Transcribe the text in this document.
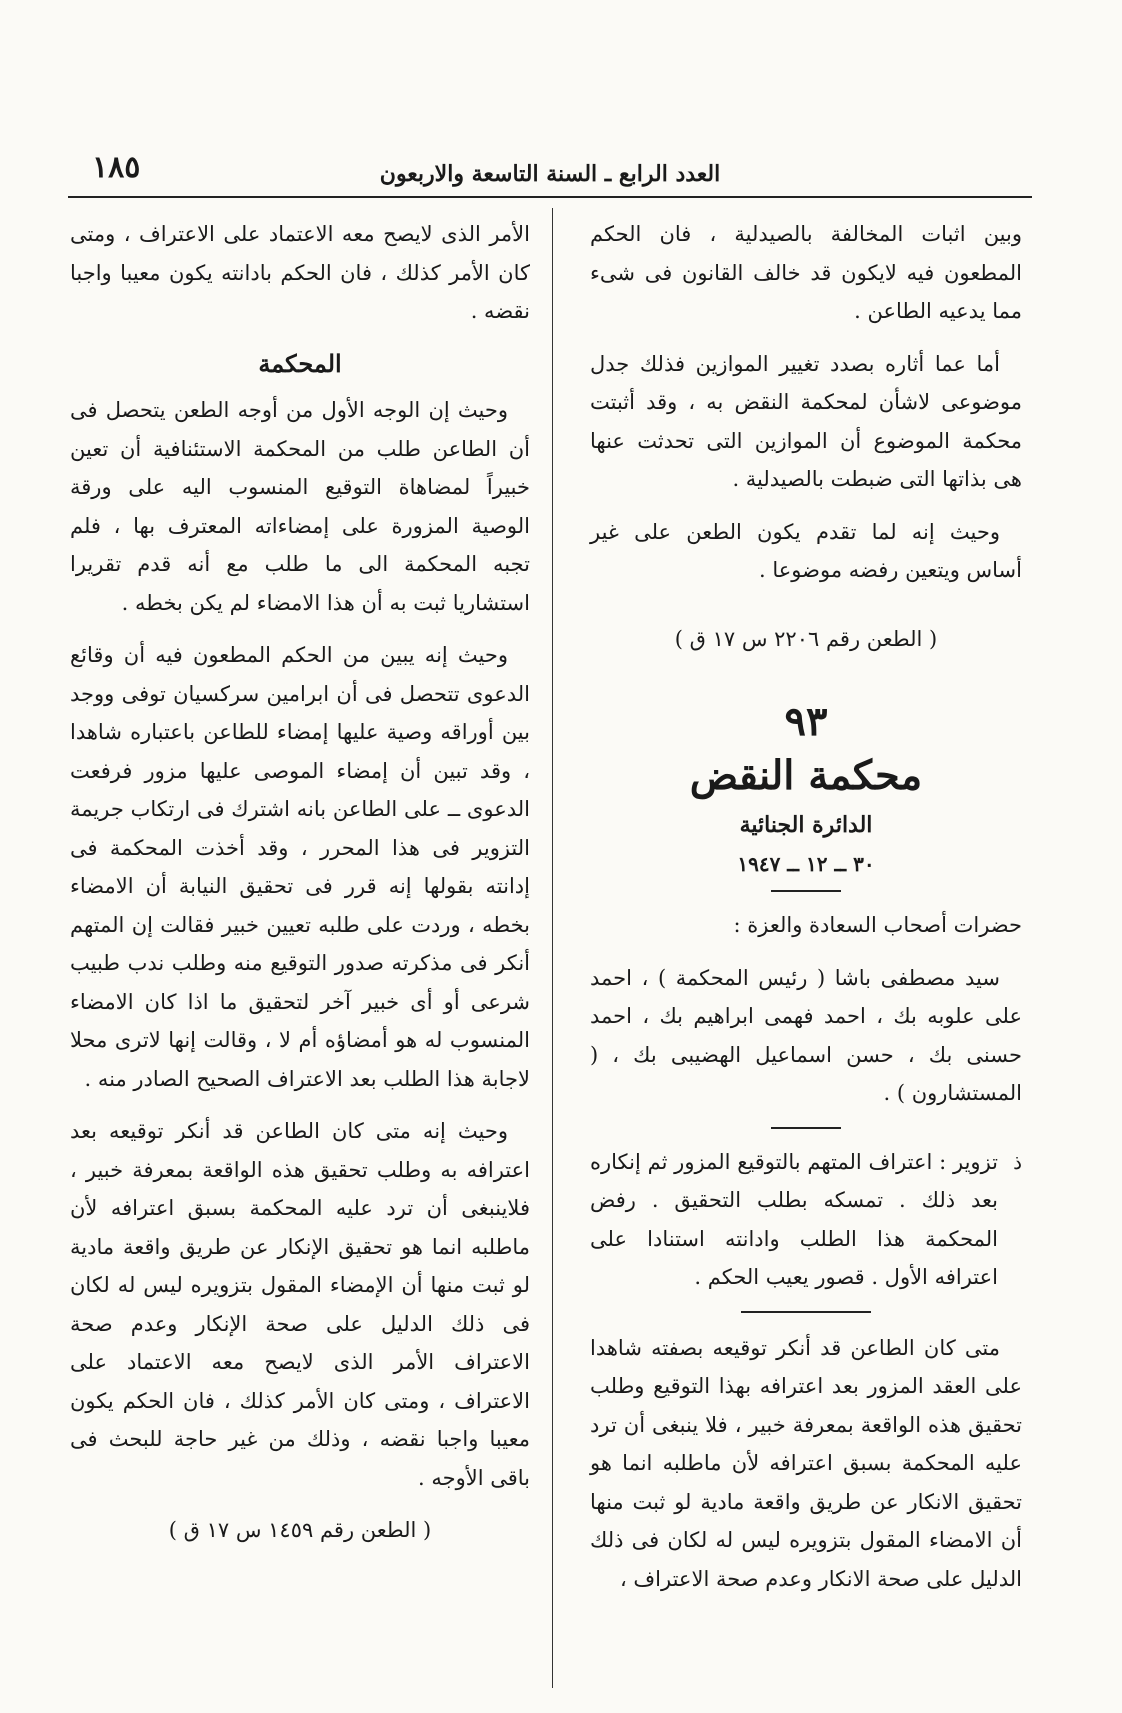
العدد الرابع ـ السنة التاسعة والاربعون
١٨٥

وبين اثبات المخالفة بالصيدلية ، فان الحكم المطعون فيه لايكون قد خالف القانون فى شىء مما يدعيه الطاعن .

أما عما أثاره بصدد تغيير الموازين فذلك جدل موضوعى لاشأن لمحكمة النقض به ، وقد أثبتت محكمة الموضوع أن الموازين التى تحدثت عنها هى بذاتها التى ضبطت بالصيدلية .

وحيث إنه لما تقدم يكون الطعن على غير أساس ويتعين رفضه موضوعا .

( الطعن رقم ٢٢٠٦ س ١٧ ق )
٩٣
محكمة النقض
الدائرة الجنائية
٣٠ ــ ١٢ ــ ١٩٤٧

حضرات أصحاب السعادة والعزة :

سيد مصطفى باشا ( رئيس المحكمة ) ، احمد على علوبه بك ، احمد فهمى ابراهيم بك ، احمد حسنى بك ، حسن اسماعيل الهضيبى بك ، ( المستشارون ) .

ذ

تزوير : اعتراف المتهم بالتوقيع المزور ثم إنكاره بعد ذلك . تمسكه بطلب التحقيق . رفض المحكمة هذا الطلب وادانته استنادا على اعترافه الأول . قصور يعيب الحكم .

متى كان الطاعن قد أنكر توقيعه بصفته شاهدا على العقد المزور بعد اعترافه بهذا التوقيع وطلب تحقيق هذه الواقعة بمعرفة خبير ، فلا ينبغى أن ترد عليه المحكمة بسبق اعترافه لأن ماطلبه انما هو تحقيق الانكار عن طريق واقعة مادية لو ثبت منها أن الامضاء المقول بتزويره ليس له لكان فى ذلك الدليل على صحة الانكار وعدم صحة الاعتراف ،

الأمر الذى لايصح معه الاعتماد على الاعتراف ، ومتى كان الأمر كذلك ، فان الحكم بادانته يكون معيبا واجبا نقضه .

المحكمة

وحيث إن الوجه الأول من أوجه الطعن يتحصل فى أن الطاعن طلب من المحكمة الاستئنافية أن تعين خبيراً لمضاهاة التوقيع المنسوب اليه على ورقة الوصية المزورة على إمضاءاته المعترف بها ، فلم تجبه المحكمة الى ما طلب مع أنه قدم تقريرا استشاريا ثبت به أن هذا الامضاء لم يكن بخطه .

وحيث إنه يبين من الحكم المطعون فيه أن وقائع الدعوى تتحصل فى أن ابرامين سركسيان توفى ووجد بين أوراقه وصية عليها إمضاء للطاعن باعتباره شاهدا ، وقد تبين أن إمضاء الموصى عليها مزور فرفعت الدعوى ــ على الطاعن بانه اشترك فى ارتكاب جريمة التزوير فى هذا المحرر ، وقد أخذت المحكمة فى إدانته بقولها إنه قرر فى تحقيق النيابة أن الامضاء بخطه ، وردت على طلبه تعيين خبير فقالت إن المتهم أنكر فى مذكرته صدور التوقيع منه وطلب ندب طبيب شرعى أو أى خبير آخر لتحقيق ما اذا كان الامضاء المنسوب له هو أمضاؤه أم لا ، وقالت إنها لاترى محلا لاجابة هذا الطلب بعد الاعتراف الصحيح الصادر منه .

وحيث إنه متى كان الطاعن قد أنكر توقيعه بعد اعترافه به وطلب تحقيق هذه الواقعة بمعرفة خبير ، فلاينبغى أن ترد عليه المحكمة بسبق اعترافه لأن ماطلبه انما هو تحقيق الإنكار عن طريق واقعة مادية لو ثبت منها أن الإمضاء المقول بتزويره ليس له لكان فى ذلك الدليل على صحة الإنكار وعدم صحة الاعتراف الأمر الذى لايصح معه الاعتماد على الاعتراف ، ومتى كان الأمر كذلك ، فان الحكم يكون معيبا واجبا نقضه ، وذلك من غير حاجة للبحث فى باقى الأوجه .

( الطعن رقم ١٤٥٩ س ١٧ ق )
